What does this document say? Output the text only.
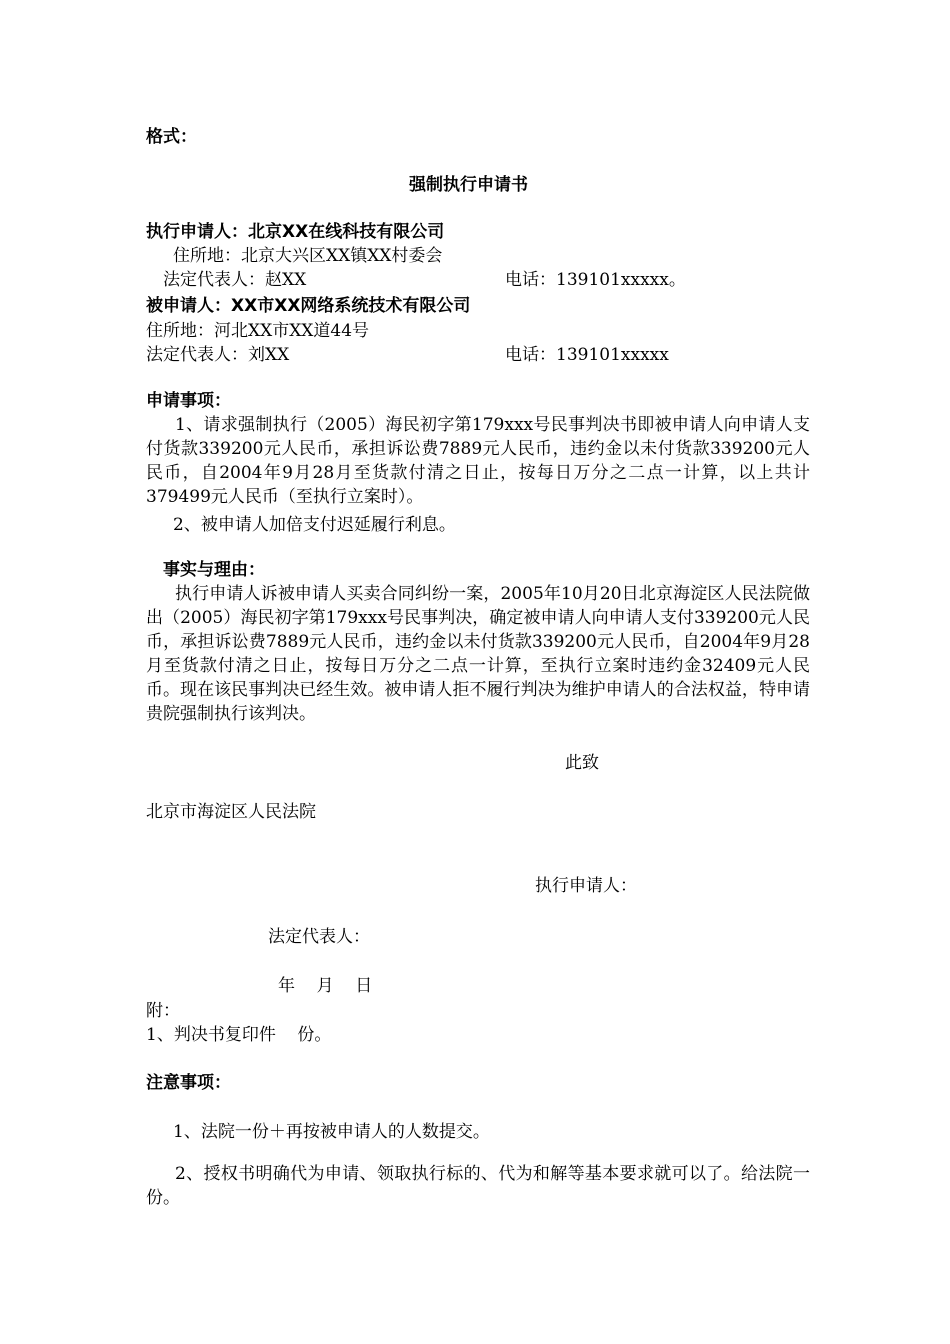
格式：
强制执行申请书
执行申请人：北京XX在线科技有限公司
住所地：北京大兴区XX镇XX村委会
法定代表人：赵XX	电话：139101xxxxx。
被申请人：XX市XX网络系统技术有限公司
住所地：河北XX市XX道44号
法定代表人：刘XX	电话：139101xxxxx
申请事项：
1、请求强制执行（2005）海民初字第179xxx号民事判决书即被申请人向申请人支付货款339200元人民币，承担诉讼费7889元人民币，违约金以未付货款339200元人民币，自2004年9月28月至货款付清之日止，按每日万分之二点一计算，以上共计379499元人民币（至执行立案时）。
2、被申请人加倍支付迟延履行利息。
事实与理由：
执行申请人诉被申请人买卖合同纠纷一案，2005年10月20日北京海淀区人民法院做出（2005）海民初字第179xxx号民事判决，确定被申请人向申请人支付339200元人民币，承担诉讼费7889元人民币，违约金以未付货款339200元人民币，自2004年9月28月至货款付清之日止，按每日万分之二点一计算，至执行立案时违约金32409元人民币。现在该民事判决已经生效。被申请人拒不履行判决为维护申请人的合法权益，特申请贵院强制执行该判决。
此致
北京市海淀区人民法院
执行申请人：
法定代表人：
年    月    日
附：
1、判决书复印件    份。
注意事项：
1、法院一份＋再按被申请人的人数提交。
2、授权书明确代为申请、领取执行标的、代为和解等基本要求就可以了。给法院一份。
